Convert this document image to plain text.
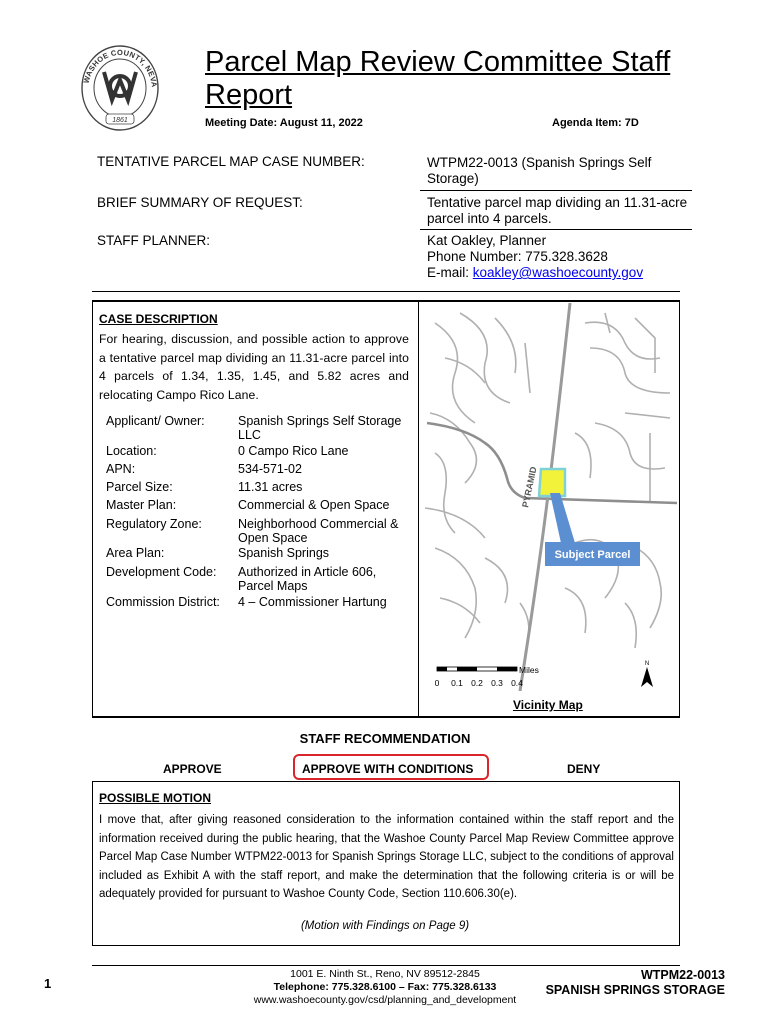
WASHOE COUNTY, NEVA
1861
Parcel Map Review Committee Staff Report
Meeting Date: August 11, 2022	Agenda Item: 7D
TENTATIVE PARCEL MAP CASE NUMBER:	WTPM22-0013 (Spanish Springs Self Storage)
BRIEF SUMMARY OF REQUEST:	Tentative parcel map dividing an 11.31-acre parcel into 4 parcels.
STAFF PLANNER:	Kat Oakley, Planner
Phone Number: 775.328.3628
E-mail: koakley@washoecounty.gov
CASE DESCRIPTION
For hearing, discussion, and possible action to approve a tentative parcel map dividing an 11.31-acre parcel into 4 parcels of 1.34, 1.35, 1.45, and 5.82 acres and relocating Campo Rico Lane.
Applicant/ Owner:	Spanish Springs Self Storage LLC
Location:	0 Campo Rico Lane
APN:	534-571-02
Parcel Size:	11.31 acres
Master Plan:	Commercial & Open Space
Regulatory Zone:	Neighborhood Commercial & Open Space
Area Plan:	Spanish Springs
Development Code: Authorized in Article 606, Parcel Maps
Commission District: 4 – Commissioner Hartung
PYRAMID
Subject Parcel
Miles
0 0.1 0.2 0.3 0.4
N
Vicinity Map
STAFF RECOMMENDATION
APPROVE	APPROVE WITH CONDITIONS	DENY
POSSIBLE MOTION
I move that, after giving reasoned consideration to the information contained within the staff report and the information received during the public hearing, that the Washoe County Parcel Map Review Committee approve Parcel Map Case Number WTPM22-0013 for Spanish Springs Storage LLC, subject to the conditions of approval included as Exhibit A with the staff report, and make the determination that the following criteria is or will be adequately provided for pursuant to Washoe County Code, Section 110.606.30(e).
(Motion with Findings on Page 9)
1
1001 E. Ninth St., Reno, NV 89512-2845
Telephone: 775.328.6100 – Fax: 775.328.6133
www.washoecounty.gov/csd/planning_and_development
WTPM22-0013
SPANISH SPRINGS STORAGE
